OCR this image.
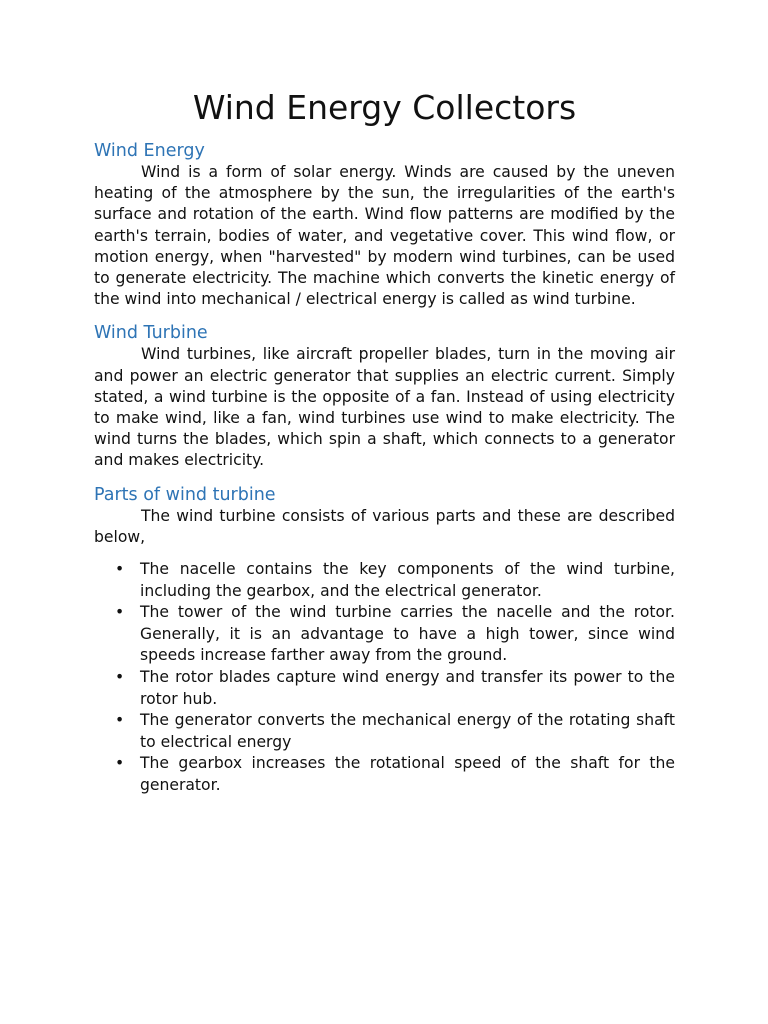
Wind Energy Collectors
Wind Energy

Wind is a form of solar energy. Winds are caused by the uneven heating of the atmosphere by the sun, the irregularities of the earth's surface and rotation of the earth. Wind flow patterns are modified by the earth's terrain, bodies of water, and vegetative cover. This wind flow, or motion energy, when "harvested" by modern wind turbines, can be used to generate electricity. The machine which converts the kinetic energy of the wind into mechanical / electrical energy is called as wind turbine.

Wind Turbine

Wind turbines, like aircraft propeller blades, turn in the moving air and power an electric generator that supplies an electric current. Simply stated, a wind turbine is the opposite of a fan. Instead of using electricity to make wind, like a fan, wind turbines use wind to make electricity. The wind turns the blades, which spin a shaft, which connects to a generator and makes electricity.

Parts of wind turbine

The wind turbine consists of various parts and these are described below,

• The nacelle contains the key components of the wind turbine, including the gearbox, and the electrical generator.
• The tower of the wind turbine carries the nacelle and the rotor. Generally, it is an advantage to have a high tower, since wind speeds increase farther away from the ground.
• The rotor blades capture wind energy and transfer its power to the rotor hub.
• The generator converts the mechanical energy of the rotating shaft to electrical energy
• The gearbox increases the rotational speed of the shaft for the generator.
